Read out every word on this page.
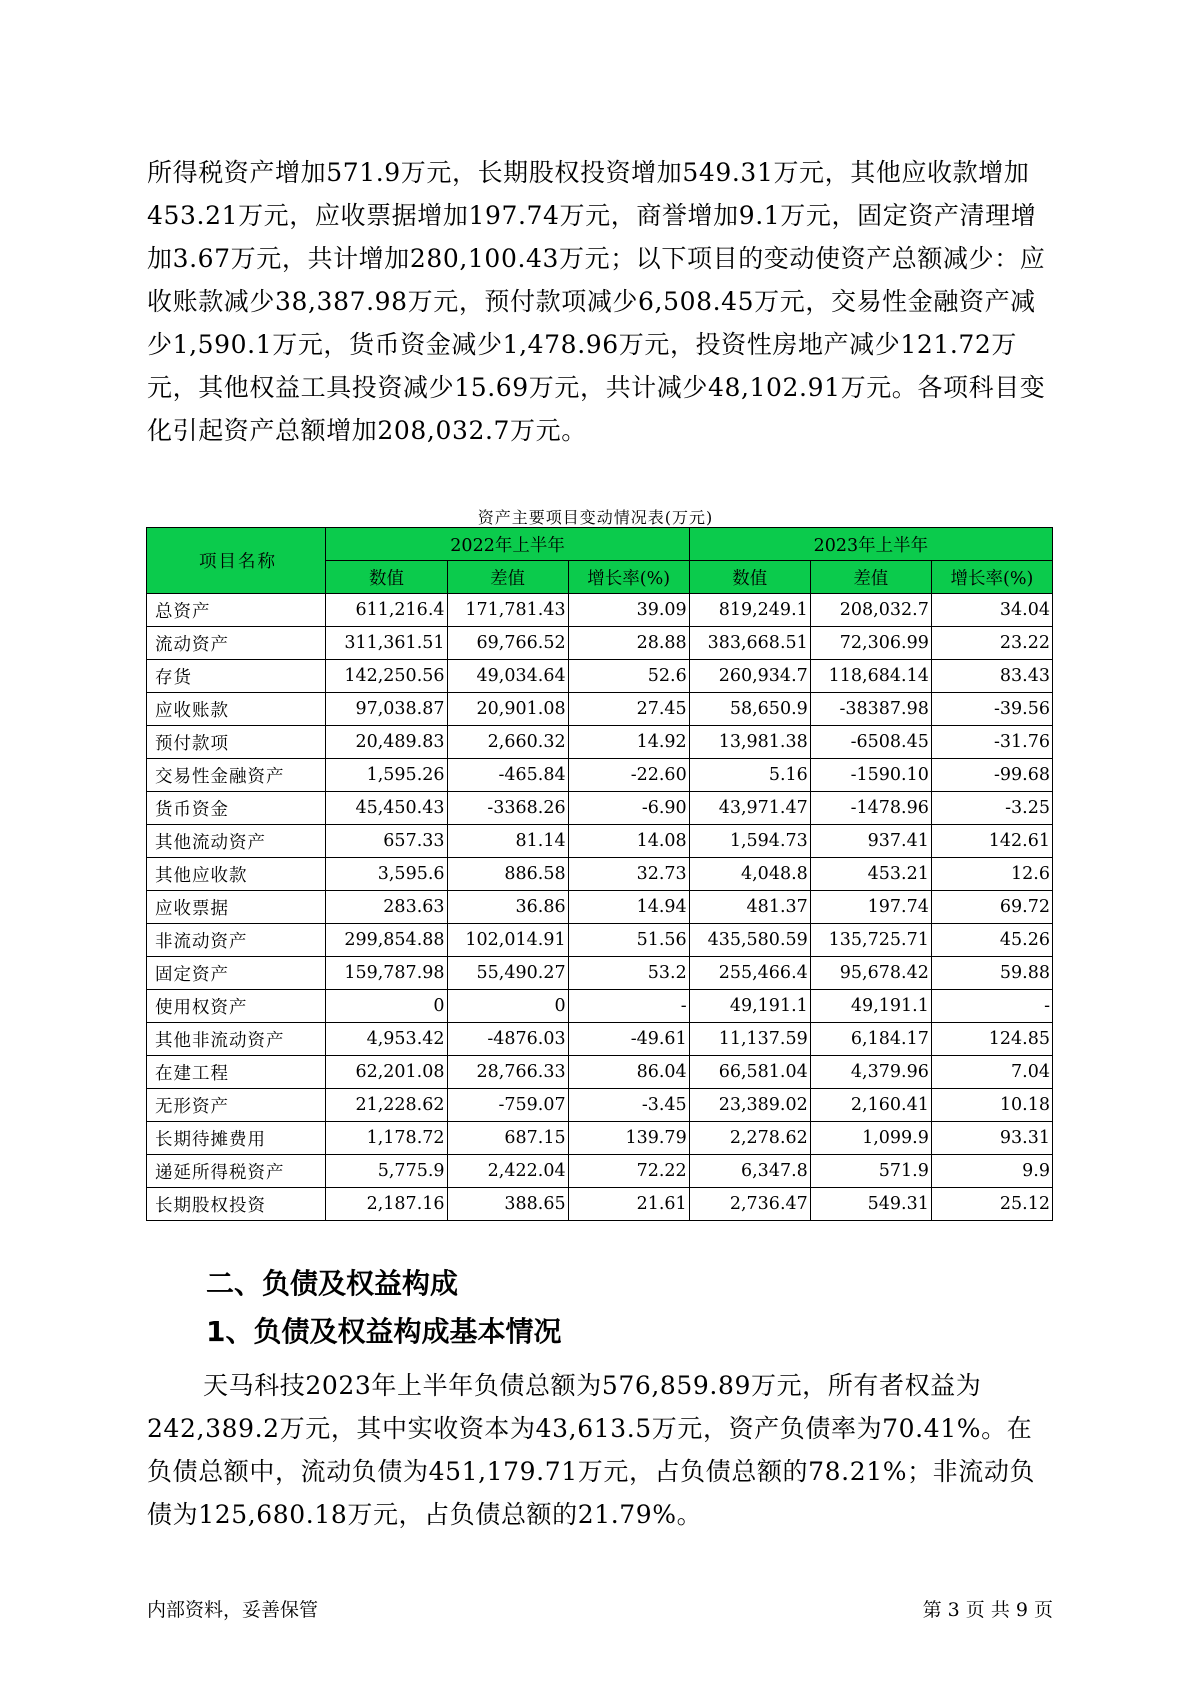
所得税资产增加571.9万元，长期股权投资增加549.31万元，其他应收款增加453.21万元，应收票据增加197.74万元，商誉增加9.1万元，固定资产清理增加3.67万元，共计增加280,100.43万元；以下项目的变动使资产总额减少：应收账款减少38,387.98万元，预付款项减少6,508.45万元，交易性金融资产减少1,590.1万元，货币资金减少1,478.96万元，投资性房地产减少121.72万元，其他权益工具投资减少15.69万元，共计减少48,102.91万元。各项科目变化引起资产总额增加208,032.7万元。

资产主要项目变动情况表(万元)
项目名称	2022年上半年			2023年上半年		
	数值	差值	增长率(%)	数值	差值	增长率(%)
总资产	611,216.4	171,781.43	39.09	819,249.1	208,032.7	34.04
流动资产	311,361.51	69,766.52	28.88	383,668.51	72,306.99	23.22
存货	142,250.56	49,034.64	52.6	260,934.7	118,684.14	83.43
应收账款	97,038.87	20,901.08	27.45	58,650.9	-38387.98	-39.56
预付款项	20,489.83	2,660.32	14.92	13,981.38	-6508.45	-31.76
交易性金融资产	1,595.26	-465.84	-22.60	5.16	-1590.10	-99.68
货币资金	45,450.43	-3368.26	-6.90	43,971.47	-1478.96	-3.25
其他流动资产	657.33	81.14	14.08	1,594.73	937.41	142.61
其他应收款	3,595.6	886.58	32.73	4,048.8	453.21	12.6
应收票据	283.63	36.86	14.94	481.37	197.74	69.72
非流动资产	299,854.88	102,014.91	51.56	435,580.59	135,725.71	45.26
固定资产	159,787.98	55,490.27	53.2	255,466.4	95,678.42	59.88
使用权资产	0	0	-	49,191.1	49,191.1	-
其他非流动资产	4,953.42	-4876.03	-49.61	11,137.59	6,184.17	124.85
在建工程	62,201.08	28,766.33	86.04	66,581.04	4,379.96	7.04
无形资产	21,228.62	-759.07	-3.45	23,389.02	2,160.41	10.18
长期待摊费用	1,178.72	687.15	139.79	2,278.62	1,099.9	93.31
递延所得税资产	5,775.9	2,422.04	72.22	6,347.8	571.9	9.9
长期股权投资	2,187.16	388.65	21.61	2,736.47	549.31	25.12
二、负债及权益构成
1、负债及权益构成基本情况

天马科技2023年上半年负债总额为576,859.89万元，所有者权益为242,389.2万元，其中实收资本为43,613.5万元，资产负债率为70.41%。在负债总额中，流动负债为451,179.71万元，占负债总额的78.21%；非流动负债为125,680.18万元，占负债总额的21.79%。

内部资料，妥善保管	第 3 页 共 9 页
